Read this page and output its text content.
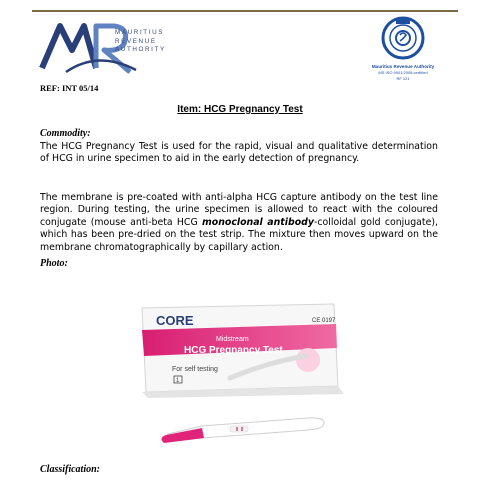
MAURITIUS
REVENUE
AUTHORITY
Mauritius Revenue Authority
MS ISO 9001:2008 certified
RF 121
REF: INT 05/14
Item: HCG Pregnancy Test
Commodity:
The HCG Pregnancy Test is used for the rapid, visual and qualitative determination of HCG in urine specimen to aid in the early detection of pregnancy.
The membrane is pre-coated with anti-alpha HCG capture antibody on the test line region. During testing, the urine specimen is allowed to react with the coloured conjugate (mouse anti-beta HCG monoclonal antibody-colloidal gold conjugate), which has been pre-dried on the test strip. The mixture then moves upward on the membrane chromatographically by capillary action.
Photo:
CORE	CE 0197
Midstream
HCG Pregnancy Test
For self testing
1
Classification:
